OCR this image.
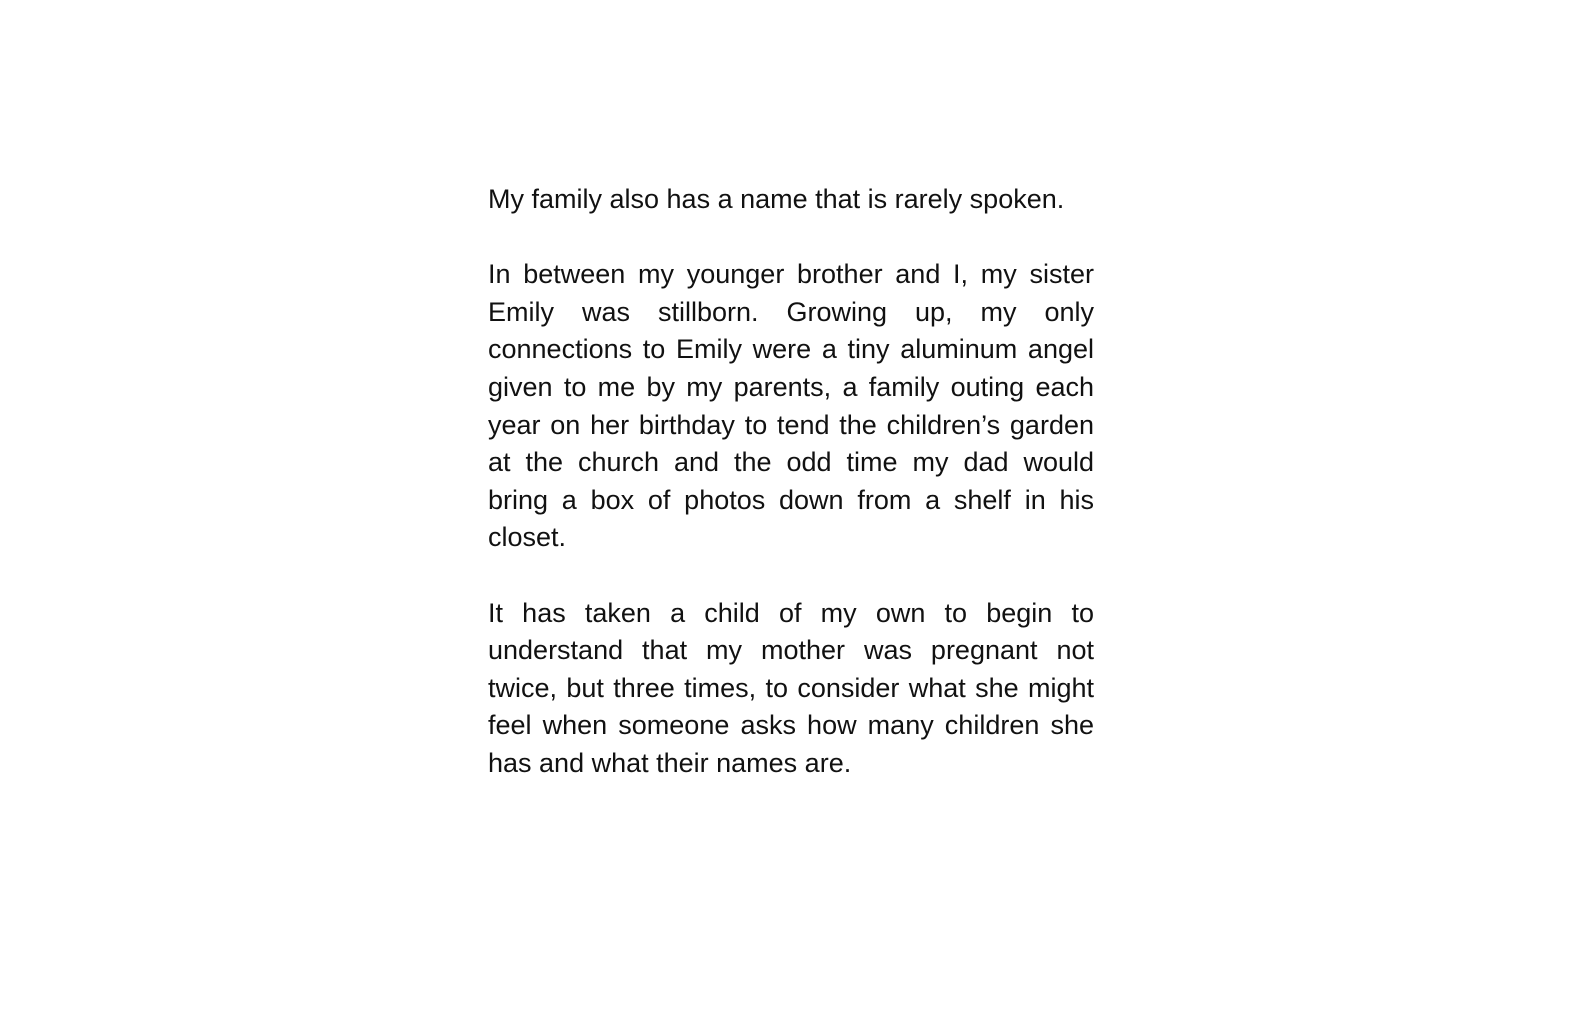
My family also has a name that is rarely spoken.

In between my younger brother and I, my sister Emily was stillborn. Growing up, my only connections to Emily were a tiny aluminum angel given to me by my parents, a family outing each year on her birthday to tend the children’s garden at the church and the odd time my dad would bring a box of photos down from a shelf in his closet.

It has taken a child of my own to begin to understand that my mother was pregnant not twice, but three times, to consider what she might feel when someone asks how many children she has and what their names are.
